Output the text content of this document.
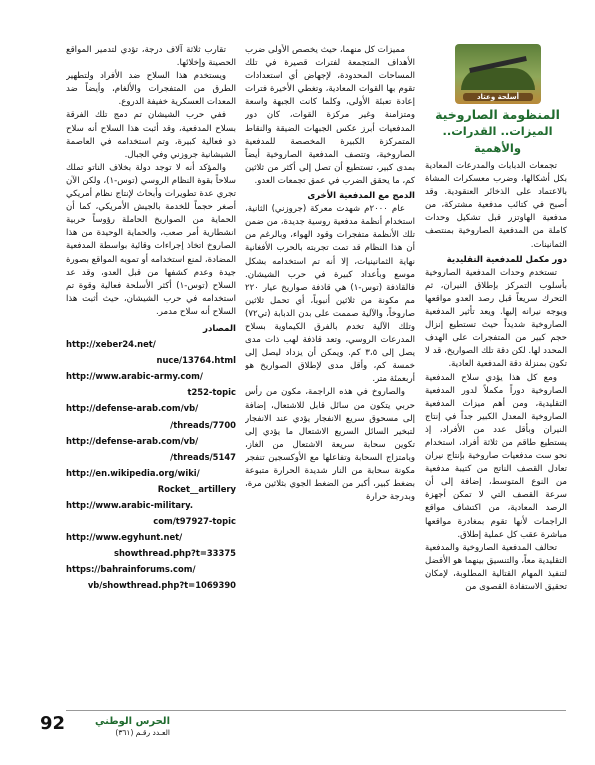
أسلحة وعتاد
المنظومة الصاروخية
الميزات.. القدرات.. والأهمية

تجمعات الدبابات والمدرعات المعادية بكل أشكالها، وضرب معسكرات المشاة بالاعتماد على الذخائر العنقودية. وقد أصبح في كتائب مدفعية مشتركة، من مدفعية الهاوتزر قبل تشكيل وحدات كاملة من المدفعية الصاروخية بمنتصف الثمانينات.

دور مكمل للمدفعية التقليدية

تستخدم وحدات المدفعية الصاروخية بأسلوب التمركز بإطلاق النيران، ثم التحرك سريعاً قبل رصد العدو مواقعها ويوجه نيرانه إليها. ويعد تأثير المدفعية الصاروخية شديداً حيث تستطيع إنزال حجم كبير من المتفجرات على الهدف المحدد لها. لكن دقة تلك الصواريخ، قد لا تكون بمنزلة دقة المدفعية العادية.

ومع كل هذا يؤدي سلاح المدفعية الصاروخية دوراً مكملاً لدور المدفعية التقليدية، ومن أهم ميزات المدفعية الصاروخية المعدل الكبير جداً في إنتاج النيران وبأقل عدد من الأفراد، إذ يستطيع طاقم من ثلاثة أفراد، استخدام نحو ست مدفعيات صاروخية بإنتاج نيران تعادل القصف الناتج من كتيبة مدفعية من النوع المتوسط، إضافة إلى أن سرعة القصف التي لا تمكن أجهزة الرصد المعادية، من اكتشاف مواقع الراجمات لأنها تقوم بمغادرة مواقعها مباشرة عقب كل عملية إطلاق.

تحالف المدفعية الصاروخية والمدفعية التقليدية معاً، والتنسيق بينهما هو الأفضل لتنفيذ المهام القتالية المطلوبة، لإمكان تحقيق الاستفادة القصوى من

مميزات كل منهما، حيث يخصص الأولى ضرب الأهداف المتجمعة لفترات قصيرة في تلك المساحات المحدودة، لإجهاض أي استعدادات تقوم بها القوات المعادية، وتغطي الأخيرة فترات إعادة تعبئة الأولى، وكلما كانت الجبهة واسعة ومتزامنة وغير مركزة القوات، كان دور المدفعيات أبرز عكس الجبهات الضيقة والنقاط المتمركزة الكبيرة المخصصة للمدفعية الصاروخية، وتتصف المدفعية الصاروخية أيضاً بمدى كبير، تستطيع أن تصل إلى أكثر من ثلاثين كم، ما يحقق الضرب في عمق تجمعات العدو.

الدمج مع المدفعية الأخرى

عام ٢٠٠٠م شهدت معركة (جروزني) الثانية، استخدام أنظمة مدفعية روسية جديدة، من ضمن تلك الأنظمة متفجرات وقود الهواء، وبالرغم من أن هذا النظام قد تمت تجربته بالحرب الأفغانية نهاية الثمانينيات، إلا أنه تم استخدامه بشكل موسع وبأعداد كبيرة في حرب الشيشان. فالقاذفة (توس-١) هي قاذفة صواريخ عيار ٢٢٠ مم مكونة من ثلاثين أنبوباً، أي تحمل ثلاثين صاروخاً، والآلية صممت على بدن الدبابة (تي٧٢) وتلك الآلية تخدم بالفرق الكيماوية بسلاح المدرعات الروسي، وتعد قاذفة لهب ذات مدى يصل إلى ٣،٥ كم. ويمكن أن يزداد ليصل إلى خمسة كم، وأقل مدى لإطلاق الصواريخ هو أربعمئة متر.

والصاروخ في هذه الراجمة، مكون من رأس حربي يتكون من سائل قابل للاشتعال، إضافة إلى مسحوق سريع الانفجار يؤدي عند الانفجار لتبخير السائل السريع الاشتعال ما يؤدي إلى تكوين سحابة سريعة الاشتعال من الغاز، وبامتزاج السحابة وتفاعلها مع الأوكسجين تنفجر مكونة سحابة من النار شديدة الحرارة متبوعة بضغط كبير، أكبر من الضغط الجوي بثلاثين مرة، وبدرجة حرارة

تقارب ثلاثة آلاف درجة، تؤدي لتدمير المواقع الحصينة وإخلائها.

ويستخدم هذا السلاح ضد الأفراد ولتطهير الطرق من المتفجرات والألغام، وأيضاً ضد المعدات العسكرية خفيفة الدروع.

ففي حرب الشيشان تم دمج تلك الفرقة بسلاح المدفعية، وقد أثبت هذا السلاح أنه سلاح ذو فعالية كبيرة، وتم استخدامه في العاصمة الشيشانية جروزني وفي الجبال.

والمؤكد أنه لا توجد دولة بخلاف الناتو تملك سلاحاً بقوة النظام الروسي (توس-١)، ولكن الآن تجري عدة تطويرات وأبحاث لإنتاج نظام أمريكي أصغر حجماً للخدمة بالجيش الأمريكي، كما أن الحماية من الصواريخ الحاملة رؤوساً حربية انشطارية أمر صعب، والحماية الوحيدة من هذا الصاروخ اتخاذ إجراءات وقائية بواسطة المدفعية المضادة، لمنع استخدامه أو تمويه المواقع بصورة جيدة وعدم كشفها من قبل العدو، وقد عد السلاح (توس-١) أكثر الأسلحة فعالية وقوة تم استخدامه في حرب الشيشان، حيث أثبت هذا السلاح أنه سلاح مدمر.

المصادر

http://xeber24.net/

nuce/13764.html

http://www.arabic-army.com/

t252-topic

http://defense-arab.com/vb/

/threads/7700

http://defense-arab.com/vb/

/threads/5147

http://en.wikipedia.org/wiki/

Rocket__artillery

http://www.arabic-military.

com/t97927-topic

http://www.egyhunt.net/

showthread.php?t=33375

https://bahrainforums.com/

vb/showthread.php?t=1069390

92	الحرس الوطني
العـدد رقـم (٣٦١)
